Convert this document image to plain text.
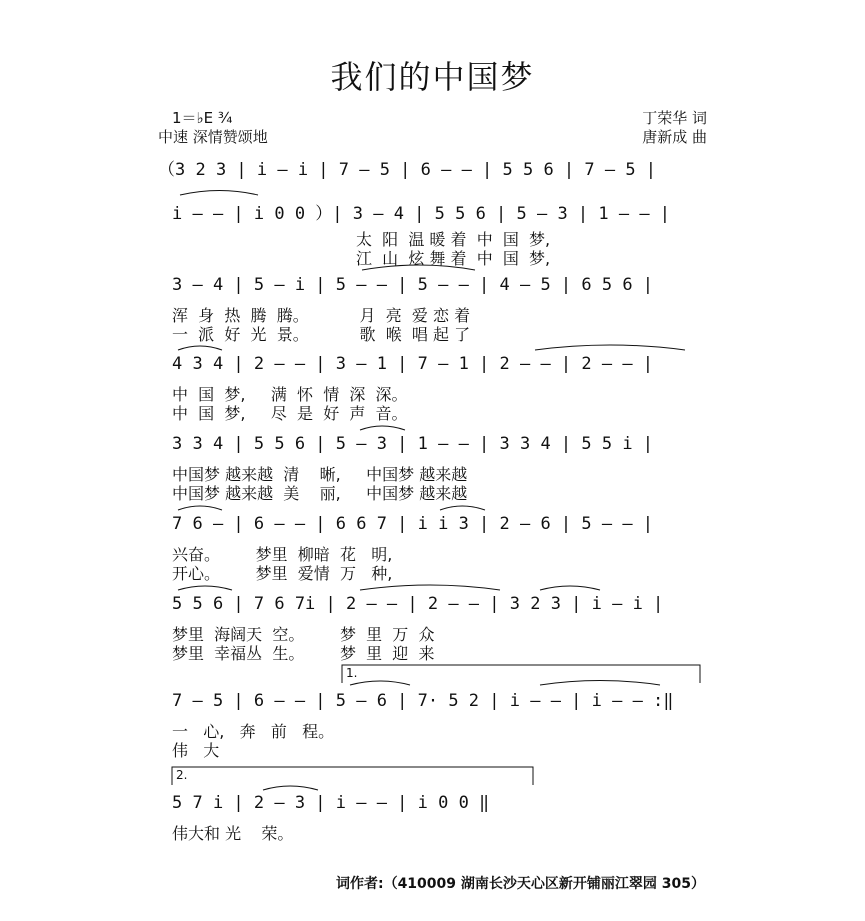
我们的中国梦
1＝♭E ¾
中速 深情赞颂地
丁荣华 词
唐新成 曲
（3 2 3 | i – i | 7 – 5 | 6 – – | 5 5 6 | 7 – 5 |
i – – | i 0 0 ）| 3 – 4 | 5 5 6 | 5 – 3 | 1 – – |
太  阳  温 暖 着  中  国  梦,
江  山  炫 舞 着  中  国  梦,
3 – 4 | 5 – i | 5 – – | 5 – – | 4 – 5 | 6 5 6 |
浑  身  热  腾  腾。          月  亮  爱 恋 着
一  派  好  光  景。          歌  喉  唱 起 了
4 3 4 | 2 – – | 3 – 1 | 7 – 1 | 2 – – | 2 – – |
中  国  梦,     满  怀  情  深  深。
中  国  梦,     尽  是  好  声  音。
3 3 4 | 5 5 6 | 5 – 3 | 1 – – | 3 3 4 | 5 5 i |
中国梦 越来越  清    晰,     中国梦 越来越
中国梦 越来越  美    丽,     中国梦 越来越
7 6 – | 6 – – | 6 6 7 | i i 3 | 2 – 6 | 5 – – |
兴奋。       梦里  柳暗  花   明,
开心。       梦里  爱情  万   种,
5 5 6 | 7 6 7i | 2 – – | 2 – – | 3 2 3 | i – i |
梦里  海阔天  空。       梦  里  万  众
梦里  幸福丛  生。       梦  里  迎  来
7 – 5 | 6 – – | 5 – 6 | 7· 5 2 | i – – | i – – :‖
一   心,   奔   前   程。
伟   大
5 7 i | 2 – 3 | i – – | i 0 0 ‖
伟大和 光    荣。
1.
2.
词作者:（410009 湖南长沙天心区新开铺丽江翠园 305）
